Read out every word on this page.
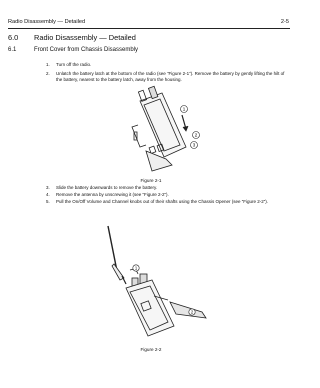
Radio Disassembly — Detailed	2-5
6.0 Radio Disassembly — Detailed
6.1	Front Cover from Chassis Disassembly
1. Turn off the radio.
2. Unlatch the battery latch at the bottom of the radio (see “Figure 2-1”). Remove the battery by gently lifting the hilt of the battery, nearest to the battery latch, away from the housing.
1
2
3
Figure 2-1
3. Slide the battery downwards to remove the battery.
4. Remove the antenna by unscrewing it (see “Figure 2-2”).
5. Pull the On/Off Volume and Channel knobs out of their shafts using the Chassis Opener (see “Figure 2-2”).
1
2
Figure 2-2
